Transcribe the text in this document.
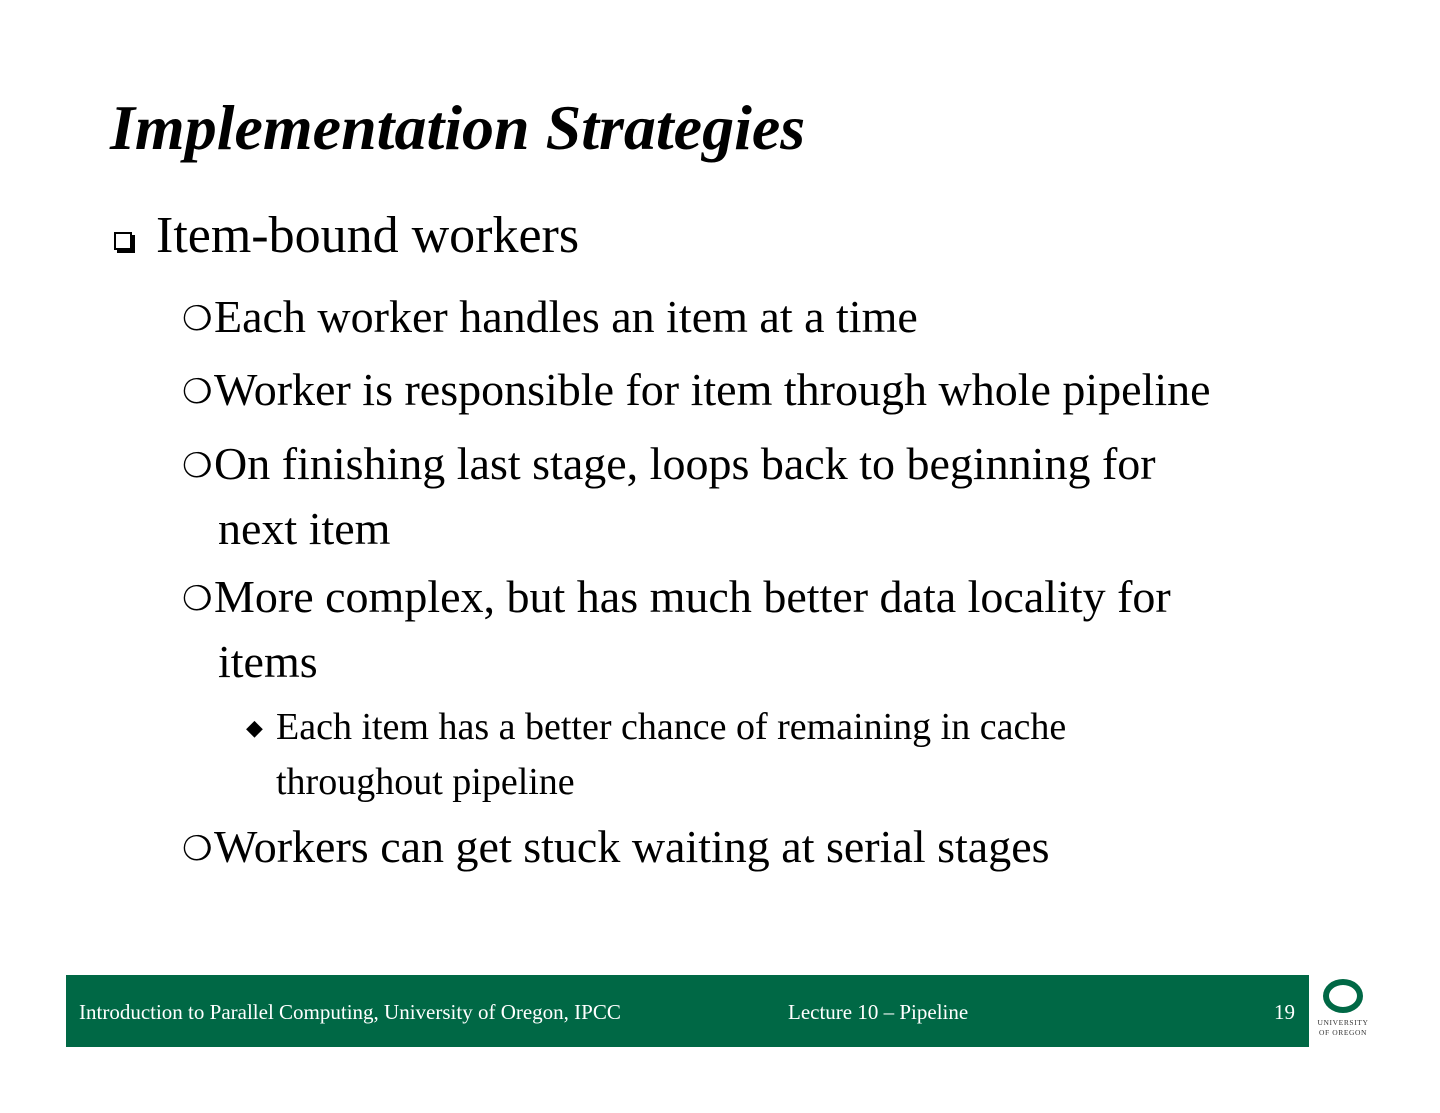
Implementation Strategies
Item-bound workers
❍Each worker handles an item at a time
❍Worker is responsible for item through whole pipeline
❍On finishing last stage, loops back to beginning for
next item
❍More complex, but has much better data locality for
items
◆ Each item has a better chance of remaining in cache
throughout pipeline
❍Workers can get stuck waiting at serial stages
Introduction to Parallel Computing, University of Oregon, IPCC	Lecture 10 – Pipeline	19	UNIVERSITY
OF OREGON
